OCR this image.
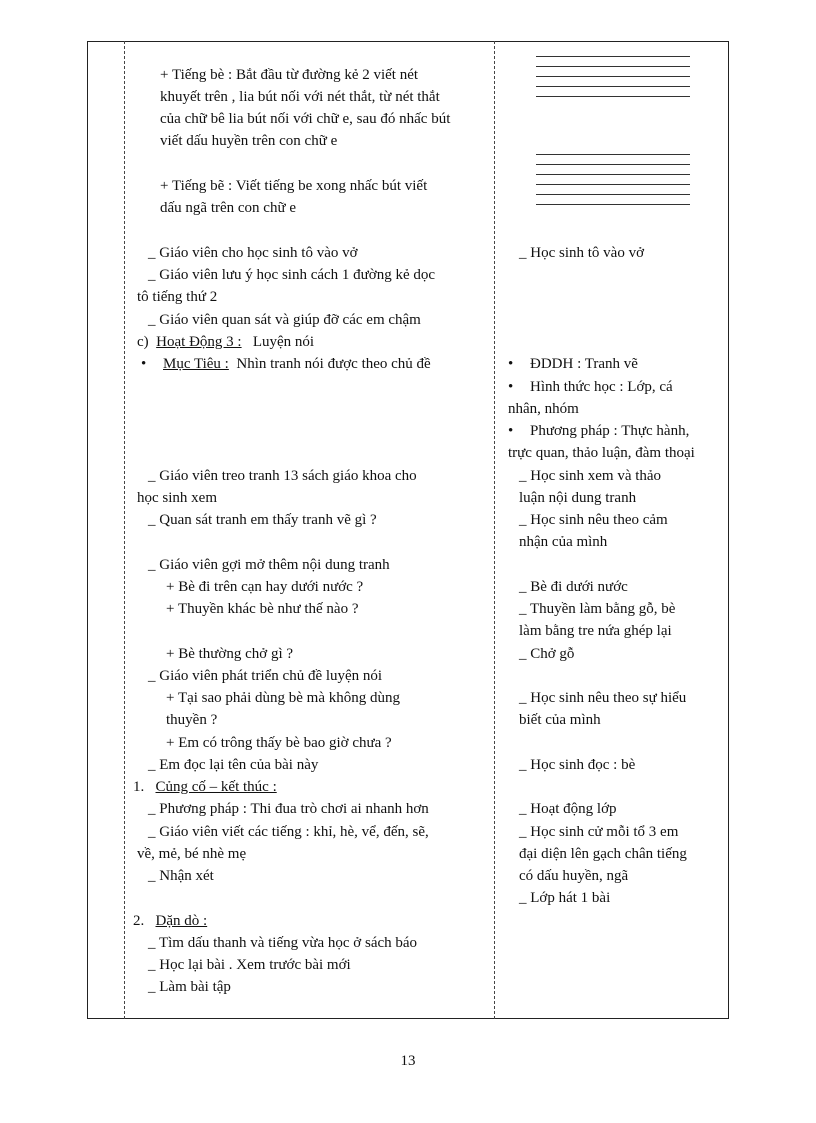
+ Tiếng bè : Bắt đầu từ đường kẻ 2 viết nét
khuyết trên , lia bút nối với nét thắt, từ nét thắt
của chữ bê lia bút nối với chữ e, sau đó nhấc bút
viết dấu huyền trên con chữ e
+ Tiếng bẽ : Viết tiếng be xong nhấc bút viết
dấu ngã trên con chữ e
_ Giáo viên cho học sinh tô vào vở
_ Giáo viên lưu ý học sinh cách 1 đường kẻ dọc
tô tiếng thứ 2
_ Giáo viên quan sát và giúp đỡ các em chậm
c) Hoạt Động 3 : Luyện nói
• Mục Tiêu : Nhìn tranh nói được theo chủ đề
_ Giáo viên treo tranh 13 sách giáo khoa cho
học sinh xem
_ Quan sát tranh em thấy tranh vẽ gì ?
_ Giáo viên gợi mở thêm nội dung tranh
+ Bè đi trên cạn hay dưới nước ?
+ Thuyền khác bè như thế nào ?
+ Bè thường chở gì ?
_ Giáo viên phát triển chủ đề luyện nói
+ Tại sao phải dùng bè mà không dùng
thuyền ?
+ Em có trông thấy bè bao giờ chưa ?
_ Em đọc lại tên của bài này
1. Củng cố – kết thúc :
_ Phương pháp : Thi đua trò chơi ai nhanh hơn
_ Giáo viên viết các tiếng : khỉ, hè, vể, đến, sẽ,
về, mẻ, bé nhè mẹ
_ Nhận xét
2. Dặn dò :
_ Tìm dấu thanh và tiếng vừa học ở sách báo
_ Học lại bài . Xem trước bài mới
_ Làm bài tập
_ Học sinh tô vào vở
• ĐDDH : Tranh vẽ
• Hình thức học : Lớp, cá
nhân, nhóm
• Phương pháp : Thực hành,
trực quan, thảo luận, đàm thoại
_ Học sinh xem và thảo
luận nội dung tranh
_ Học sinh nêu theo cảm
nhận của mình
_ Bè đi dưới nước
_ Thuyền làm bằng gỗ, bè
làm bằng tre nứa ghép lại
_ Chở gỗ
_ Học sinh nêu theo sự hiểu
biết của mình
_ Học sinh đọc : bè
_ Hoạt động lớp
_ Học sinh cử mỗi tổ 3 em
đại diện lên gạch chân tiếng
có dấu huyền, ngã
_ Lớp hát 1 bài
13
